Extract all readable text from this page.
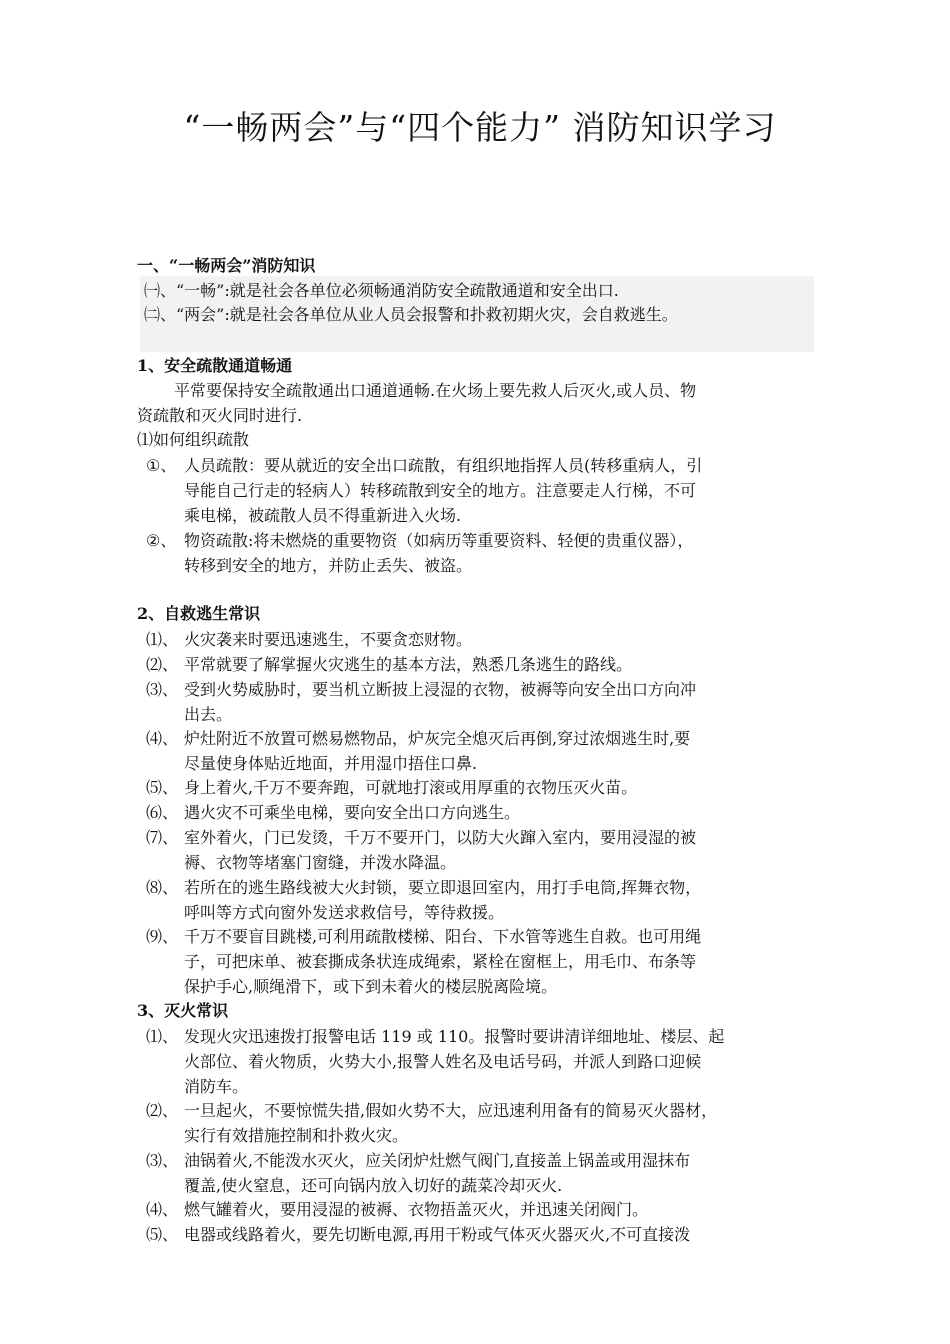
“一畅两会”与“四个能力” 消防知识学习
一、“一畅两会”消防知识
㈠、“一畅”:就是社会各单位必须畅通消防安全疏散通道和安全出口.
㈡、“两会”:就是社会各单位从业人员会报警和扑救初期火灾，会自救逃生。
1、安全疏散通道畅通
平常要保持安全疏散通出口通道通畅.在火场上要先救人后灭火,或人员、物
资疏散和灭火同时进行.
⑴如何组织疏散
①、 人员疏散：要从就近的安全出口疏散，有组织地指挥人员(转移重病人，引
导能自己行走的轻病人）转移疏散到安全的地方。注意要走人行梯，不可
乘电梯，被疏散人员不得重新进入火场.
②、 物资疏散:将未燃烧的重要物资（如病历等重要资料、轻便的贵重仪器），
转移到安全的地方，并防止丢失、被盗。
2、自救逃生常识
⑴、 火灾袭来时要迅速逃生，不要贪恋财物。
⑵、 平常就要了解掌握火灾逃生的基本方法，熟悉几条逃生的路线。
⑶、 受到火势威胁时，要当机立断披上浸湿的衣物，被褥等向安全出口方向冲
出去。
⑷、 炉灶附近不放置可燃易燃物品，炉灰完全熄灭后再倒,穿过浓烟逃生时,要
尽量使身体贴近地面，并用湿巾捂住口鼻.
⑸、 身上着火,千万不要奔跑，可就地打滚或用厚重的衣物压灭火苗。
⑹、 遇火灾不可乘坐电梯，要向安全出口方向逃生。
⑺、 室外着火，门已发烫，千万不要开门，以防大火蹿入室内，要用浸湿的被
褥、衣物等堵塞门窗缝，并泼水降温。
⑻、 若所在的逃生路线被大火封锁，要立即退回室内，用打手电筒,挥舞衣物，
呼叫等方式向窗外发送求救信号，等待救援。
⑼、 千万不要盲目跳楼,可利用疏散楼梯、阳台、下水管等逃生自救。也可用绳
子，可把床单、被套撕成条状连成绳索，紧栓在窗框上，用毛巾、布条等
保护手心,顺绳滑下，或下到未着火的楼层脱离险境。
3、灭火常识
⑴、 发现火灾迅速拨打报警电话 119 或 110。报警时要讲清详细地址、楼层、起
火部位、着火物质，火势大小,报警人姓名及电话号码，并派人到路口迎候
消防车。
⑵、 一旦起火，不要惊慌失措,假如火势不大，应迅速利用备有的简易灭火器材，
实行有效措施控制和扑救火灾。
⑶、 油锅着火,不能泼水灭火，应关闭炉灶燃气阀门,直接盖上锅盖或用湿抹布
覆盖,使火窒息，还可向锅内放入切好的蔬菜冷却灭火.
⑷、 燃气罐着火，要用浸湿的被褥、衣物捂盖灭火，并迅速关闭阀门。
⑸、 电器或线路着火，要先切断电源,再用干粉或气体灭火器灭火,不可直接泼
